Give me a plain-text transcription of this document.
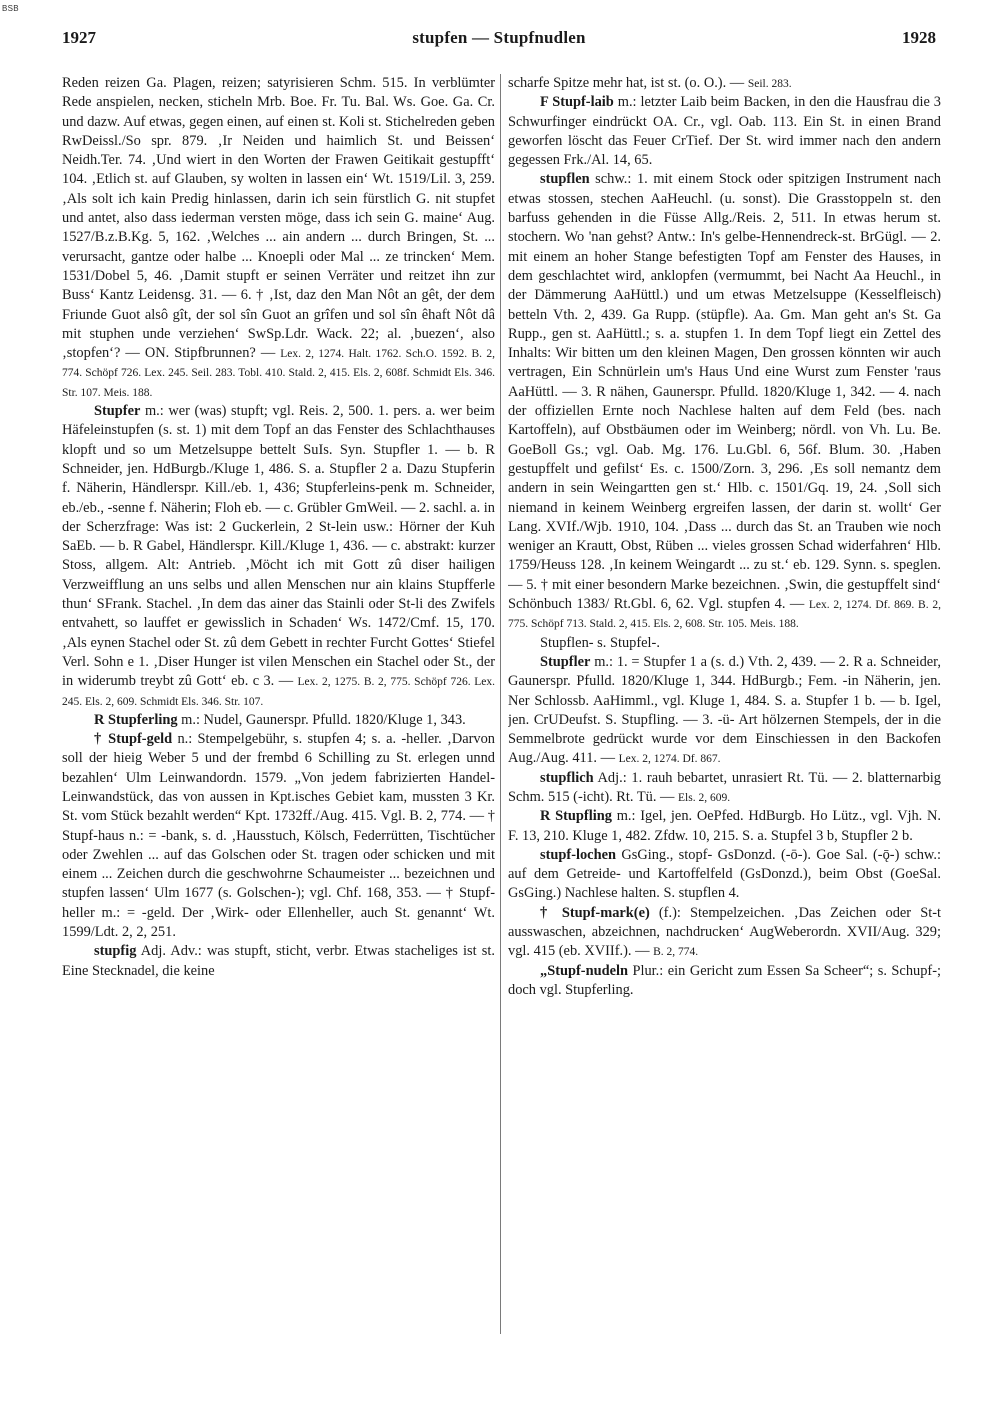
BSB
1927	stupfen — Stupfnudlen	1928

Reden reizen Ga. Plagen, reizen; satyrisieren Schm. 515. In verblümter Rede anspielen, necken, sticheln Mrb. Boe. Fr. Tu. Bal. Ws. Goe. Ga. Cr. und dazw. Auf etwas, gegen einen, auf einen st. Koli st. Stichelreden geben RwDeissl./So spr. 879. ‚Ir Neiden und haimlich St. und Beissen‘ Neidh.Ter. 74. ‚Und wiert in den Worten der Frawen Geitikait gestupfft‘ 104. ‚Etlich st. auf Glauben, sy wolten in lassen ein‘ Wt. 1519/Lil. 3, 259. ‚Als solt ich kain Predig hinlassen, darin ich sein fürstlich G. nit stupfet und antet, also dass iederman versten möge, dass ich sein G. maine‘ Aug. 1527/B.z.B.Kg. 5, 162. ‚Welches ... ain andern ... durch Bringen, St. ... verursacht, gantze oder halbe ... Knoepli oder Mal ... ze trincken‘ Mem. 1531/Dobel 5, 46. ‚Damit stupft er seinen Verräter und reitzet ihn zur Buss‘ Kantz Leidensg. 31. — 6. † ‚Ist, daz den Man Nôt an gêt, der dem Friunde Guot alsô gît, der sol sîn Guot an grîfen und sol sîn êhaft Nôt dâ mit stuphen unde verziehen‘ SwSp.Ldr. Wack. 22; al. ‚buezen‘, also ‚stopfen‘? — ON. Stipfbrunnen? — Lex. 2, 1274. Halt. 1762. Sch.O. 1592. B. 2, 774. Schöpf 726. Lex. 245. Seil. 283. Tobl. 410. Stald. 2, 415. Els. 2, 608f. Schmidt Els. 346. Str. 107. Meis. 188.

Stupfer m.: wer (was) stupft; vgl. Reis. 2, 500. 1. pers. a. wer beim Häfeleinstupfen (s. st. 1) mit dem Topf an das Fenster des Schlachthauses klopft und so um Metzelsuppe bettelt SuIs. Syn. Stupfler 1. — b. R Schneider, jen. HdBurgb./Kluge 1, 486. S. a. Stupfler 2 a. Dazu Stupferin f. Näherin, Händlerspr. Kill./eb. 1, 436; Stupferleins-penk m. Schneider, eb./eb., -senne f. Näherin; Floh eb. — c. Grübler GmWeil. — 2. sachl. a. in der Scherzfrage: Was ist: 2 Guckerlein, 2 St-lein usw.: Hörner der Kuh SaEb. — b. R Gabel, Händlerspr. Kill./Kluge 1, 436. — c. abstrakt: kurzer Stoss, allgem. Alt: Antrieb. ‚Möcht ich mit Gott zû diser hailigen Verzweifflung an uns selbs und allen Menschen nur ain klains Stupfferle thun‘ SFrank. Stachel. ‚In dem das ainer das Stainli oder St-li des Zwifels entvahett, so lauffet er gewisslich in Schaden‘ Ws. 1472/Cmf. 15, 170. ‚Als eynen Stachel oder St. zû dem Gebett in rechter Furcht Gottes‘ Stiefel Verl. Sohn e 1. ‚Diser Hunger ist vilen Menschen ein Stachel oder St., der in widerumb treybt zû Gott‘ eb. c 3. — Lex. 2, 1275. B. 2, 775. Schöpf 726. Lex. 245. Els. 2, 609. Schmidt Els. 346. Str. 107.

R Stupferling m.: Nudel, Gaunerspr. Pfulld. 1820/Kluge 1, 343.

† Stupf-geld n.: Stempelgebühr, s. stupfen 4; s. a. -heller. ‚Darvon soll der hieig Weber 5 und der frembd 6 Schilling zu St. erlegen unnd bezahlen‘ Ulm Leinwandordn. 1579. „Von jedem fabrizierten Handel-Leinwandstück, das von aussen in Kpt.isches Gebiet kam, mussten 3 Kr. St. vom Stück bezahlt werden“ Kpt. 1732ff./Aug. 415. Vgl. B. 2, 774. — † Stupf-haus n.: = -bank, s. d. ‚Hausstuch, Kölsch, Federrütten, Tischtücher oder Zwehlen ... auf das Golschen oder St. tragen oder schicken und mit einem ... Zeichen durch die geschwohrne Schaumeister ... bezeichnen und stupfen lassen‘ Ulm 1677 (s. Golschen-); vgl. Chf. 168, 353. — † Stupf-heller m.: = -geld. Der ‚Wirk- oder Ellenheller, auch St. genannt‘ Wt. 1599/Ldt. 2, 2, 251.

stupfig Adj. Adv.: was stupft, sticht, verbr. Etwas stacheliges ist st. Eine Stecknadel, die keine

scharfe Spitze mehr hat, ist st. (o. O.). — Seil. 283.

F Stupf-laib m.: letzter Laib beim Backen, in den die Hausfrau die 3 Schwurfinger eindrückt OA. Cr., vgl. Oab. 113. Ein St. in einen Brand geworfen löscht das Feuer CrTief. Der St. wird immer nach den andern gegessen Frk./Al. 14, 65.

stupflen schw.: 1. mit einem Stock oder spitzigen Instrument nach etwas stossen, stechen AaHeuchl. (u. sonst). Die Grasstoppeln st. den barfuss gehenden in die Füsse Allg./Reis. 2, 511. In etwas herum st. stochern. Wo 'nan gehst? Antw.: In's gelbe-Hennendreck-st. BrGügl. — 2. mit einem an hoher Stange befestigten Topf am Fenster des Hauses, in dem geschlachtet wird, anklopfen (vermummt, bei Nacht Aa Heuchl., in der Dämmerung AaHüttl.) und um etwas Metzelsuppe (Kesselfleisch) betteln Vth. 2, 439. Ga Rupp. (stüpfle). Aa. Gm. Man geht an's St. Ga Rupp., gen st. AaHüttl.; s. a. stupfen 1. In dem Topf liegt ein Zettel des Inhalts: Wir bitten um den kleinen Magen, Den grossen könnten wir auch vertragen, Ein Schnürlein um's Haus Und eine Wurst zum Fenster 'raus AaHüttl. — 3. R nähen, Gaunerspr. Pfulld. 1820/Kluge 1, 342. — 4. nach der offiziellen Ernte noch Nachlese halten auf dem Feld (bes. nach Kartoffeln), auf Obstbäumen oder im Weinberg; nördl. von Vh. Lu. Be. GoeBoll Gs.; vgl. Oab. Mg. 176. Lu.Gbl. 6, 56f. Blum. 30. ‚Haben gestupffelt und gefilst‘ Es. c. 1500/Zorn. 3, 296. ‚Es soll nemantz dem andern in sein Weingartten gen st.‘ Hlb. c. 1501/Gq. 19, 24. ‚Soll sich niemand in keinem Weinberg ergreifen lassen, der darin st. wollt‘ Ger Lang. XVIf./Wjb. 1910, 104. ‚Dass ... durch das St. an Trauben wie noch weniger an Krautt, Obst, Rüben ... vieles grossen Schad widerfahren‘ Hlb. 1759/Heuss 128. ‚In keinem Weingardt ... zu st.‘ eb. 129. Synn. s. speglen. — 5. † mit einer besondern Marke bezeichnen. ‚Swin, die gestupffelt sind‘ Schönbuch 1383/ Rt.Gbl. 6, 62. Vgl. stupfen 4. — Lex. 2, 1274. Df. 869. B. 2, 775. Schöpf 713. Stald. 2, 415. Els. 2, 608. Str. 105. Meis. 188.

Stupflen- s. Stupfel-.

Stupfler m.: 1. = Stupfer 1 a (s. d.) Vth. 2, 439. — 2. R a. Schneider, Gaunerspr. Pfulld. 1820/Kluge 1, 344. HdBurgb.; Fem. -in Näherin, jen. Ner Schlossb. AaHimml., vgl. Kluge 1, 484. S. a. Stupfer 1 b. — b. Igel, jen. CrUDeufst. S. Stupfling. — 3. -ü- Art hölzernen Stempels, der in die Semmelbrote gedrückt wurde vor dem Einschiessen in den Backofen Aug./Aug. 411. — Lex. 2, 1274. Df. 867.

stupflich Adj.: 1. rauh bebartet, unrasiert Rt. Tü. — 2. blatternarbig Schm. 515 (-icht). Rt. Tü. — Els. 2, 609.

R Stupfling m.: Igel, jen. OePfed. HdBurgb. Ho Lütz., vgl. Vjh. N. F. 13, 210. Kluge 1, 482. Zfdw. 10, 215. S. a. Stupfel 3 b, Stupfler 2 b.

stupf-lochen GsGing., stopf- GsDonzd. (-ō-). Goe Sal. (-ǭ-) schw.: auf dem Getreide- und Kartoffelfeld (GsDonzd.), beim Obst (GoeSal. GsGing.) Nachlese halten. S. stupflen 4.

† Stupf-mark(e) (f.): Stempelzeichen. ‚Das Zeichen oder St-t ausswaschen, abzeichnen, nachdrucken‘ AugWeberordn. XVII/Aug. 329; vgl. 415 (eb. XVIIf.). — B. 2, 774.

„Stupf-nudeln Plur.: ein Gericht zum Essen Sa Scheer“; s. Schupf-; doch vgl. Stupferling.
